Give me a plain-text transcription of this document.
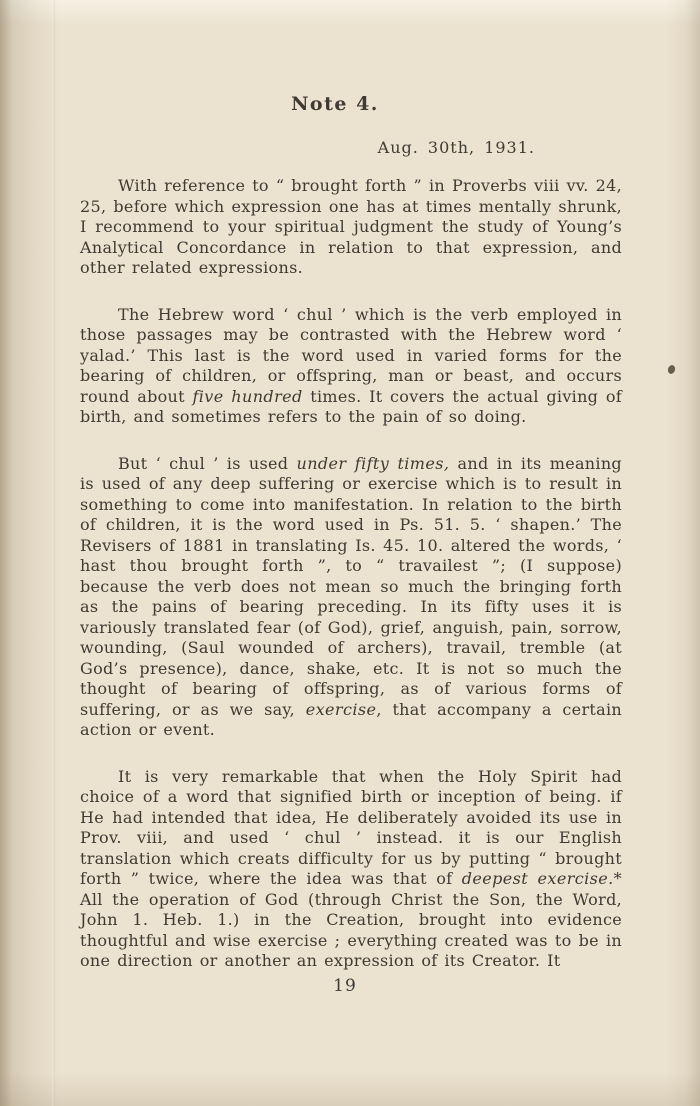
Note 4.
Aug. 30th, 1931.

With reference to “ brought forth ” in Proverbs viii vv. 24, 25, before which expression one has at times mentally shrunk, I recommend to your spiritual judgment the study of Young’s Analytical Concordance in relation to that expression, and other related expressions.

The Hebrew word ‘ chul ’ which is the verb employed in those passages may be contrasted with the Hebrew word ‘ yalad.’ This last is the word used in varied forms for the bearing of children, or offspring, man or beast, and occurs round about five hundred times. It covers the actual giving of birth, and sometimes refers to the pain of so doing.

But ‘ chul ’ is used under fifty times, and in its meaning is used of any deep suffering or exercise which is to result in something to come into manifestation. In relation to the birth of children, it is the word used in Ps. 51. 5. ‘ shapen.’ The Revisers of 1881 in translating Is. 45. 10. altered the words, ‘ hast thou brought forth ”, to “ travailest ”; (I suppose) because the verb does not mean so much the bringing forth as the pains of bearing preceding. In its fifty uses it is variously translated fear (of God), grief, anguish, pain, sorrow, wounding, (Saul wounded of archers), travail, tremble (at God’s presence), dance, shake, etc. It is not so much the thought of bearing of offspring, as of various forms of suffering, or as we say, exercise, that accompany a certain action or event.

It is very remarkable that when the Holy Spirit had choice of a word that signified birth or inception of being. if He had intended that idea, He deliberately avoided its use in Prov. viii, and used ‘ chul ’ instead. it is our English translation which creats difficulty for us by putting “ brought forth ” twice, where the idea was that of deepest exercise.* All the operation of God (through Christ the Son, the Word, John 1. Heb. 1.) in the Creation, brought into evidence thoughtful and wise exercise ; everything created was to be in one direction or another an expression of its Creator. It

19
